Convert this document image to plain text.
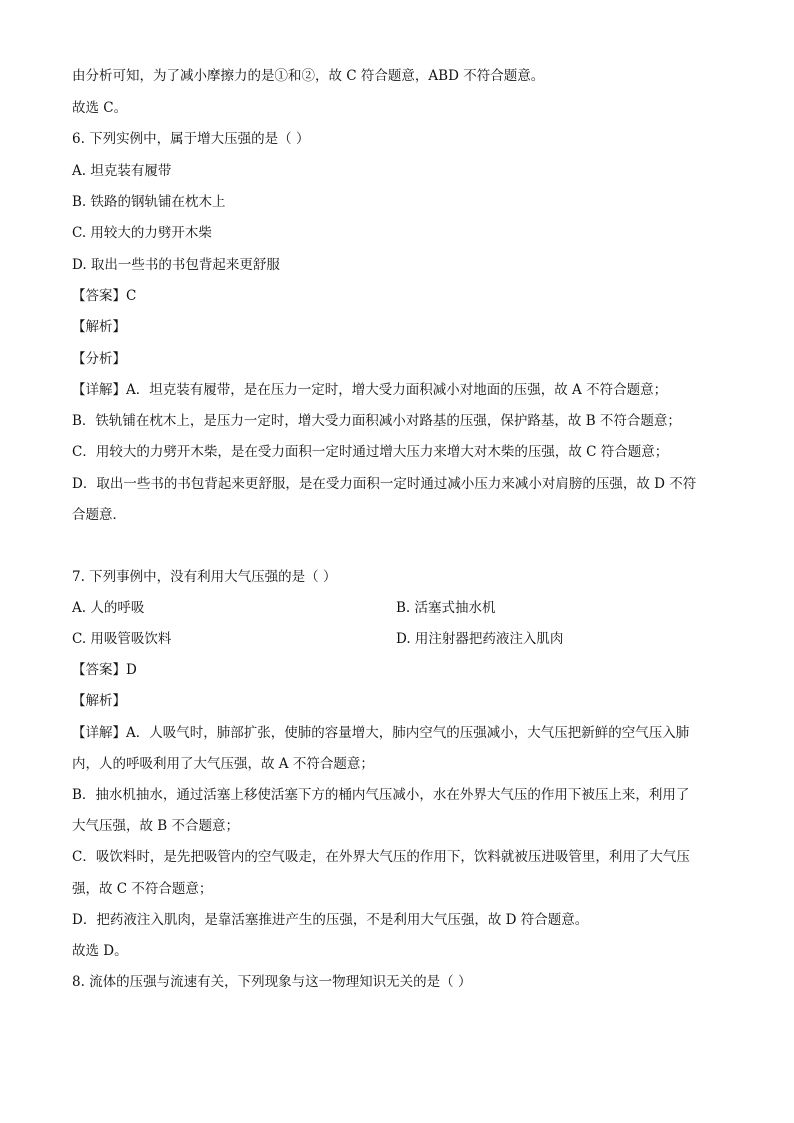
由分析可知，为了减小摩擦力的是①和②，故 C 符合题意，ABD 不符合题意。
故选 C。
6. 下列实例中，属于增大压强的是（ ）
A. 坦克装有履带
B. 铁路的钢轨铺在枕木上
C. 用较大的力劈开木柴
D. 取出一些书的书包背起来更舒服
【答案】C
【解析】
【分析】
【详解】A．坦克装有履带，是在压力一定时，增大受力面积减小对地面的压强，故 A 不符合题意；
B．铁轨铺在枕木上，是压力一定时，增大受力面积减小对路基的压强，保护路基，故 B 不符合题意；
C．用较大的力劈开木柴，是在受力面积一定时通过增大压力来增大对木柴的压强，故 C 符合题意；
D．取出一些书的书包背起来更舒服，是在受力面积一定时通过减小压力来减小对肩膀的压强，故 D 不符
合题意．
7. 下列事例中，没有利用大气压强的是（ ）
A. 人的呼吸	B. 活塞式抽水机
C. 用吸管吸饮料	D. 用注射器把药液注入肌肉
【答案】D
【解析】
【详解】A．人吸气时，肺部扩张，使肺的容量增大，肺内空气的压强减小，大气压把新鲜的空气压入肺
内，人的呼吸利用了大气压强，故 A 不符合题意；
B．抽水机抽水，通过活塞上移使活塞下方的桶内气压减小，水在外界大气压的作用下被压上来，利用了
大气压强，故 B 不合题意；
C．吸饮料时，是先把吸管内的空气吸走，在外界大气压的作用下，饮料就被压进吸管里，利用了大气压
强，故 C 不符合题意；
D．把药液注入肌肉，是靠活塞推进产生的压强，不是利用大气压强，故 D 符合题意。
故选 D。
8. 流体的压强与流速有关，下列现象与这一物理知识无关的是（ ）
